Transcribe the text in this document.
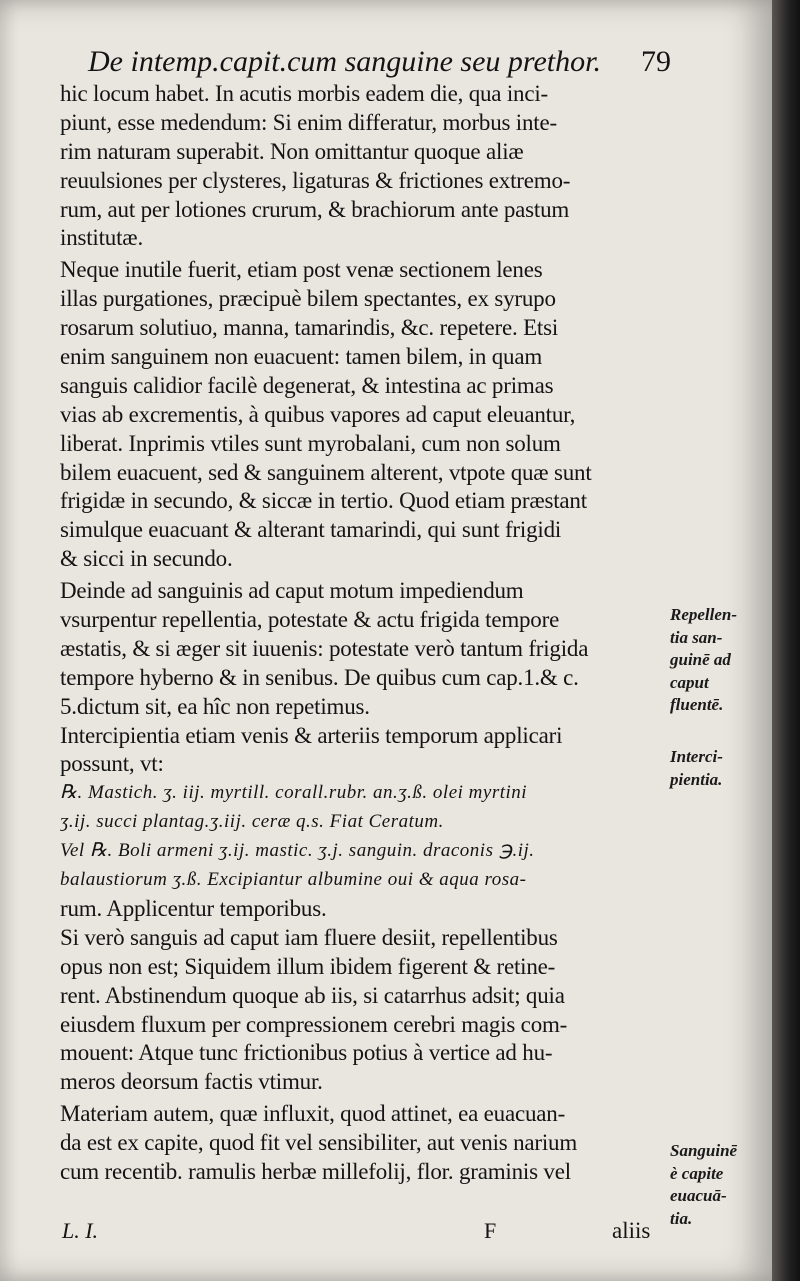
De intemp.capit.cum sanguine seu prethor. 79
hic locum habet. In acutis morbis eadem die, qua inci-
piunt, esse medendum: Si enim differatur, morbus inte-
rim naturam superabit. Non omittantur quoque aliæ
reuulsiones per clysteres, ligaturas & frictiones extremo-
rum, aut per lotiones crurum, & brachiorum ante pastum
institutæ.
Neque inutile fuerit, etiam post venæ sectionem lenes
illas purgationes, præcipuè bilem spectantes, ex syrupo
rosarum solutiuo, manna, tamarindis, &c. repetere. Etsi
enim sanguinem non euacuent: tamen bilem, in quam
sanguis calidior facilè degenerat, & intestina ac primas
vias ab excrementis, à quibus vapores ad caput eleuantur,
liberat. Inprimis vtiles sunt myrobalani, cum non solum
bilem euacuent, sed & sanguinem alterent, vtpote quæ sunt
frigidæ in secundo, & siccæ in tertio. Quod etiam præstant
simulque euacuant & alterant tamarindi, qui sunt frigidi
& sicci in secundo.
Deinde ad sanguinis ad caput motum impediendum
vsurpentur repellentia, potestate & actu frigida tempore
æstatis, & si æger sit iuuenis: potestate verò tantum frigida
tempore hyberno & in senibus. De quibus cum cap.1.& c.
5.dictum sit, ea hîc non repetimus.
Intercipientia etiam venis & arteriis temporum applicari
possunt, vt:
℞. Mastich. ʒ. iij. myrtill. corall.rubr. an.ʒ.ß. olei myrtini
ʒ.ij. succi plantag.ʒ.iij. ceræ q.s. Fiat Ceratum.
Vel ℞. Boli armeni ʒ.ij. mastic. ʒ.j. sanguin. draconis ℈.ij.
balaustiorum ʒ.ß. Excipiantur albumine oui & aqua rosa-
rum. Applicentur temporibus.
Si verò sanguis ad caput iam fluere desiit, repellentibus
opus non est; Siquidem illum ibidem figerent & retine-
rent. Abstinendum quoque ab iis, si catarrhus adsit; quia
eiusdem fluxum per compressionem cerebri magis com-
mouent: Atque tunc frictionibus potius à vertice ad hu-
meros deorsum factis vtimur.
Materiam autem, quæ influxit, quod attinet, ea euacuan-
da est ex capite, quod fit vel sensibiliter, aut venis narium
cum recentib. ramulis herbæ millefolij, flor. graminis vel
Repellen-
tia san-
guinē ad
caput
fluentē.
Interci-
pientia.
Sanguinē
è capite
euacuā-
tia.
L. I.	F	aliis
